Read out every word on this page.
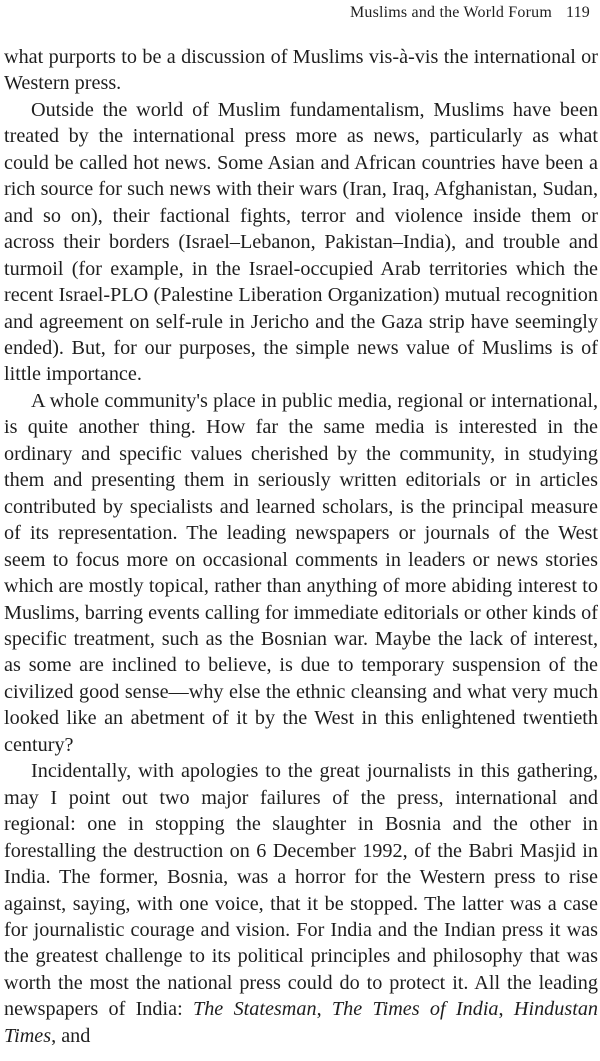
Muslims and the World Forum 119

what purports to be a discussion of Muslims vis-à-vis the international or Western press.

Outside the world of Muslim fundamentalism, Muslims have been treated by the international press more as news, particularly as what could be called hot news. Some Asian and African countries have been a rich source for such news with their wars (Iran, Iraq, Afghanistan, Sudan, and so on), their factional fights, terror and violence inside them or across their borders (Israel–Lebanon, Pakistan–India), and trouble and turmoil (for example, in the Israel-occupied Arab territories which the recent Israel-PLO (Palestine Liberation Organization) mutual recognition and agreement on self-rule in Jericho and the Gaza strip have seemingly ended). But, for our purposes, the simple news value of Muslims is of little importance.

A whole community's place in public media, regional or international, is quite another thing. How far the same media is interested in the ordinary and specific values cherished by the community, in studying them and presenting them in seriously written editorials or in articles contributed by specialists and learned scholars, is the principal measure of its representation. The leading newspapers or journals of the West seem to focus more on occasional comments in leaders or news stories which are mostly topical, rather than anything of more abiding interest to Muslims, barring events calling for immediate editorials or other kinds of specific treatment, such as the Bosnian war. Maybe the lack of interest, as some are inclined to believe, is due to temporary suspension of the civilized good sense—why else the ethnic cleansing and what very much looked like an abetment of it by the West in this enlightened twentieth century?

Incidentally, with apologies to the great journalists in this gathering, may I point out two major failures of the press, international and regional: one in stopping the slaughter in Bosnia and the other in forestalling the destruction on 6 December 1992, of the Babri Masjid in India. The former, Bosnia, was a horror for the Western press to rise against, saying, with one voice, that it be stopped. The latter was a case for journalistic courage and vision. For India and the Indian press it was the greatest challenge to its political principles and philosophy that was worth the most the national press could do to protect it. All the leading newspapers of India: The Statesman, The Times of India, Hindustan Times, and
